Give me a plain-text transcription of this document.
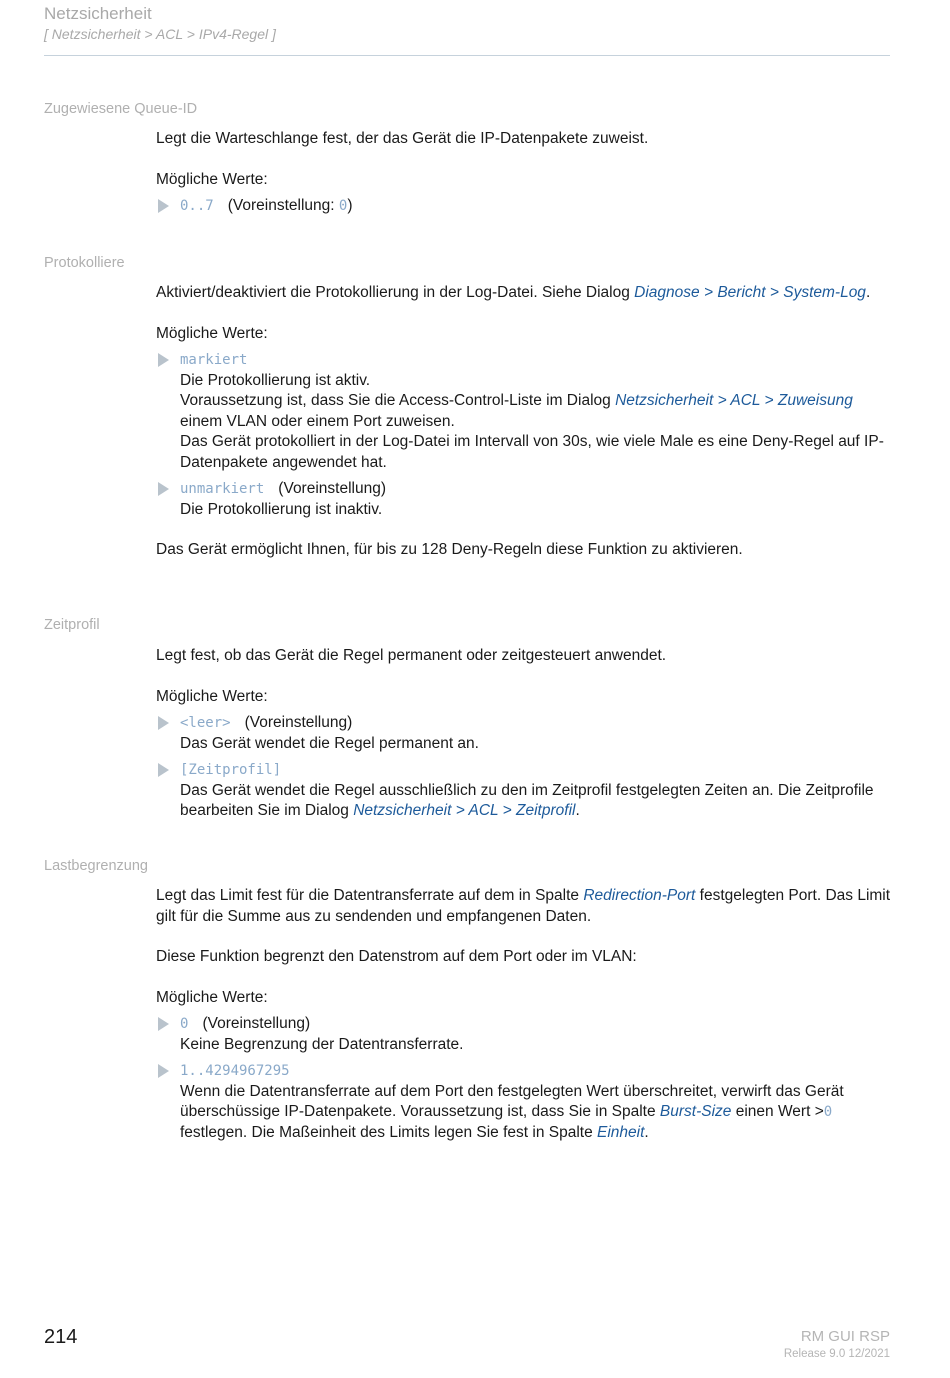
Netzsicherheit
[ Netzsicherheit > ACL > IPv4-Regel ]
Zugewiesene Queue-ID

Legt die Warteschlange fest, der das Gerät die IP-Datenpakete zuweist.

Mögliche Werte:

0..7 (Voreinstellung: 0)
Protokolliere

Aktiviert/deaktiviert die Protokollierung in der Log-Datei. Siehe Dialog Diagnose > Bericht > System-Log.

Mögliche Werte:

markiert
Die Protokollierung ist aktiv.
Voraussetzung ist, dass Sie die Access-Control-Liste im Dialog Netzsicherheit > ACL > Zuweisung einem VLAN oder einem Port zuweisen.
Das Gerät protokolliert in der Log-Datei im Intervall von 30s, wie viele Male es eine Deny-Regel auf IP-Datenpakete angewendet hat.
unmarkiert (Voreinstellung)
Die Protokollierung ist inaktiv.

Das Gerät ermöglicht Ihnen, für bis zu 128 Deny-Regeln diese Funktion zu aktivieren.

Zeitprofil

Legt fest, ob das Gerät die Regel permanent oder zeitgesteuert anwendet.

Mögliche Werte:

<leer> (Voreinstellung)
Das Gerät wendet die Regel permanent an.
[Zeitprofil]
Das Gerät wendet die Regel ausschließlich zu den im Zeitprofil festgelegten Zeiten an. Die Zeitprofile bearbeiten Sie im Dialog Netzsicherheit > ACL > Zeitprofil.
Lastbegrenzung

Legt das Limit fest für die Datentransferrate auf dem in Spalte Redirection-Port festgelegten Port. Das Limit gilt für die Summe aus zu sendenden und empfangenen Daten.

Diese Funktion begrenzt den Datenstrom auf dem Port oder im VLAN:

Mögliche Werte:

0 (Voreinstellung)
Keine Begrenzung der Datentransferrate.
1..4294967295
Wenn die Datentransferrate auf dem Port den festgelegten Wert überschreitet, verwirft das Gerät überschüssige IP-Datenpakete. Voraussetzung ist, dass Sie in Spalte Burst-Size einen Wert >0 festlegen. Die Maßeinheit des Limits legen Sie fest in Spalte Einheit.
214	RM GUI RSP
Release 9.0 12/2021
